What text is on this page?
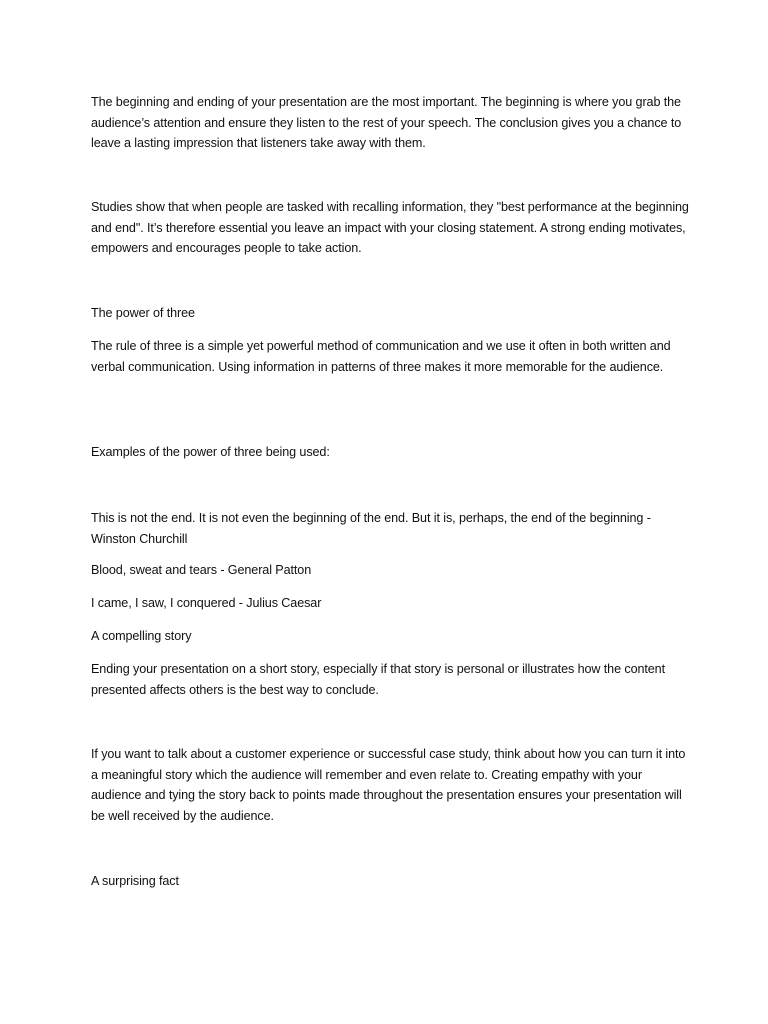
The beginning and ending of your presentation are the most important. The beginning is where you grab the audience’s attention and ensure they listen to the rest of your speech. The conclusion gives you a chance to leave a lasting impression that listeners take away with them.

Studies show that when people are tasked with recalling information, they "best performance at the beginning and end". It’s therefore essential you leave an impact with your closing statement. A strong ending motivates, empowers and encourages people to take action.

The power of three

The rule of three is a simple yet powerful method of communication and we use it often in both written and verbal communication. Using information in patterns of three makes it more memorable for the audience.

Examples of the power of three being used:

This is not the end. It is not even the beginning of the end. But it is, perhaps, the end of the beginning - Winston Churchill

Blood, sweat and tears - General Patton

I came, I saw, I conquered - Julius Caesar

A compelling story

Ending your presentation on a short story, especially if that story is personal or illustrates how the content presented affects others is the best way to conclude.

If you want to talk about a customer experience or successful case study, think about how you can turn it into a meaningful story which the audience will remember and even relate to. Creating empathy with your audience and tying the story back to points made throughout the presentation ensures your presentation will be well received by the audience.

A surprising fact
